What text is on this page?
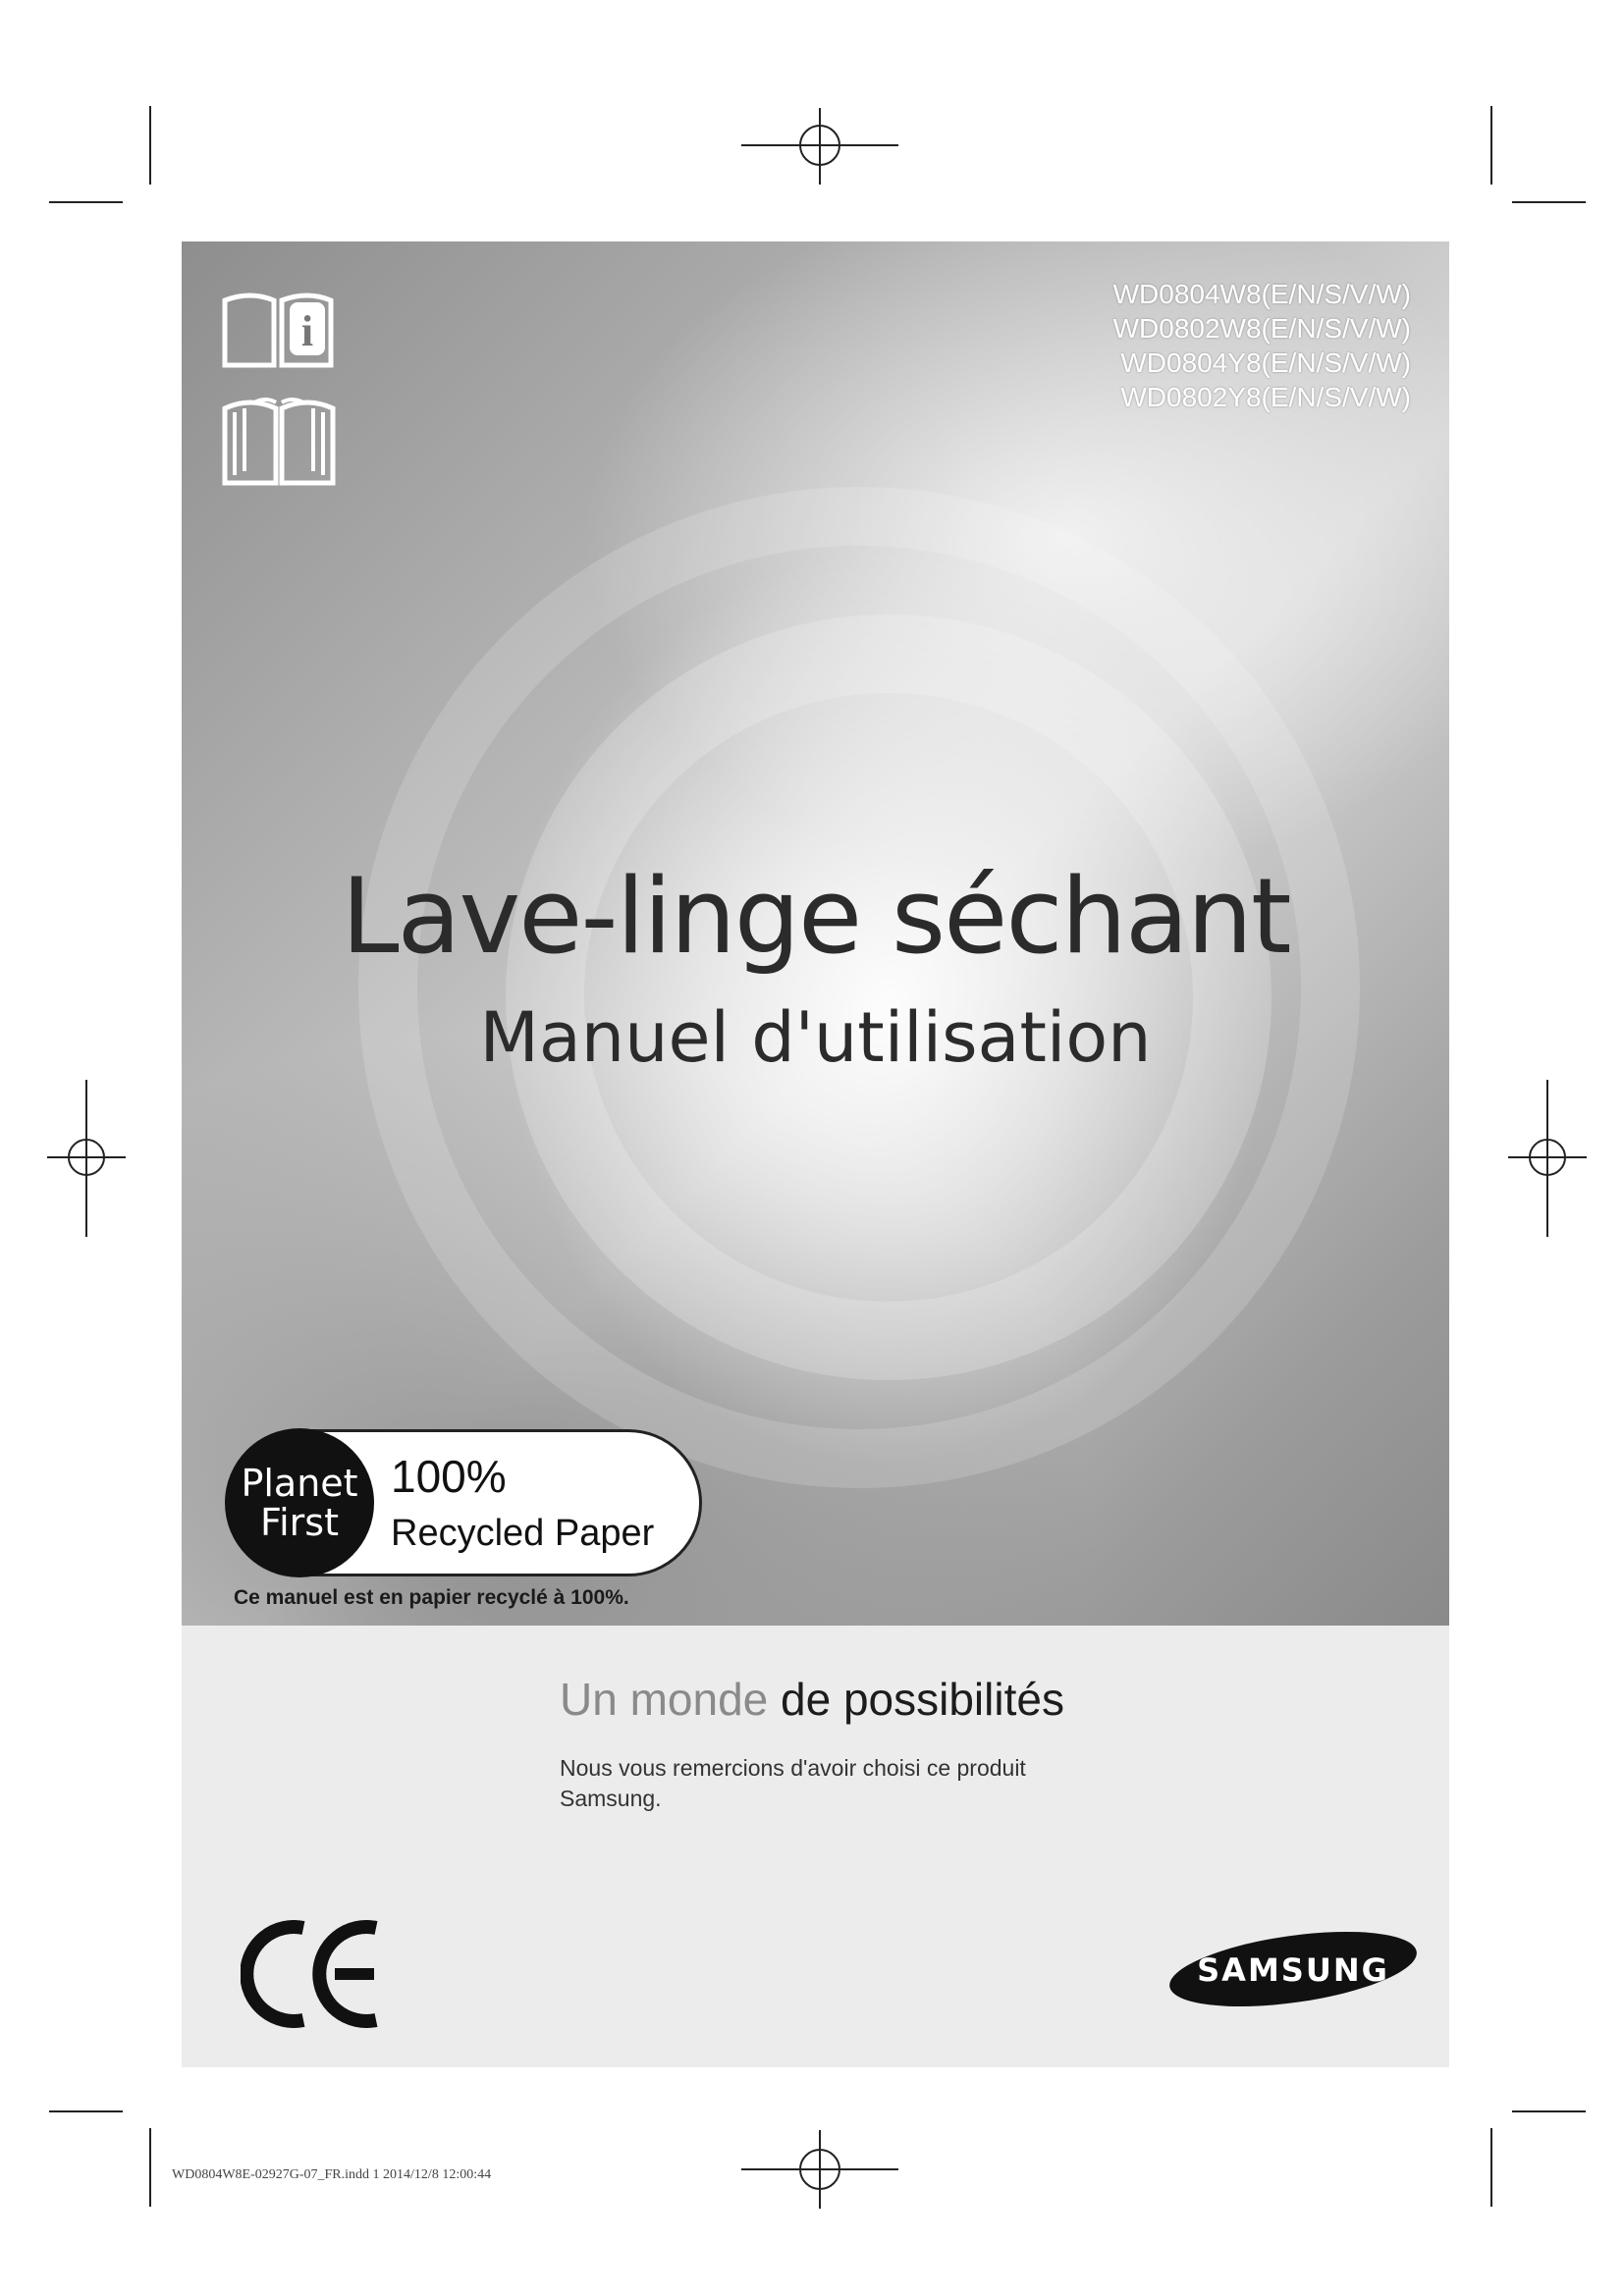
i
WD0804W8(E/N/S/V/W)
WD0802W8(E/N/S/V/W)
WD0804Y8(E/N/S/V/W)
WD0802Y8(E/N/S/V/W)
Lave-linge séchant
Manuel d'utilisation
Planet
First
100%
Recycled Paper
Ce manuel est en papier recyclé à 100%.
Un monde de possibilités
Nous vous remercions d'avoir choisi ce produit Samsung.
SAMSUNG
WD0804W8E-02927G-07_FR.indd 1 2014/12/8 12:00:44
